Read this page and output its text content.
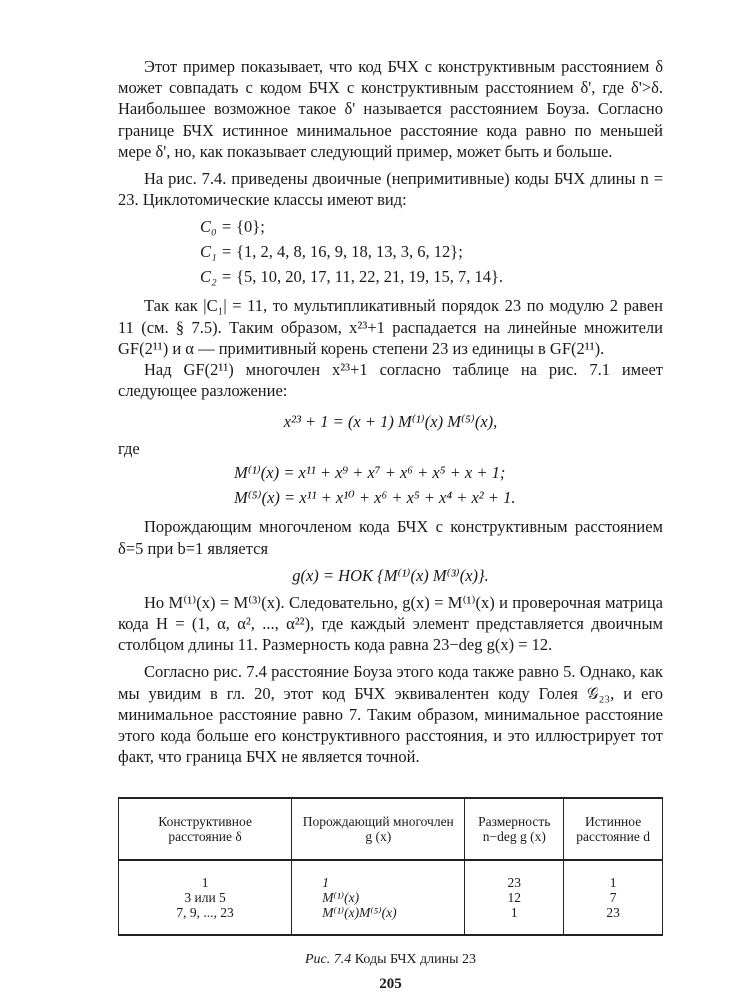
Этот пример показывает, что код БЧХ с конструктивным расстоянием δ может совпадать с кодом БЧХ с конструктивным расстоянием δ', где δ'>δ. Наибольшее возможное такое δ' называется расстоянием Боуза. Согласно границе БЧХ истинное минимальное расстояние кода равно по меньшей мере δ', но, как показывает следующий пример, может быть и больше.

На рис. 7.4. приведены двоичные (непримитивные) коды БЧХ длины n = 23. Циклотомические классы имеют вид:

C₀ = {0};
C₁ = {1, 2, 4, 8, 16, 9, 18, 13, 3, 6, 12};
C₂ = {5, 10, 20, 17, 11, 22, 21, 19, 15, 7, 14}.

Так как |C₁| = 11, то мультипликативный порядок 23 по модулю 2 равен 11 (см. § 7.5). Таким образом, x²³+1 распадается на линейные множители GF(2¹¹) и α — примитивный корень степени 23 из единицы в GF(2¹¹).

Над GF(2¹¹) многочлен x²³+1 согласно таблице на рис. 7.1 имеет следующее разложение:

x²³ + 1 = (x + 1) M⁽¹⁾(x) M⁽⁵⁾(x),
где
M⁽¹⁾(x) = x¹¹ + x⁹ + x⁷ + x⁶ + x⁵ + x + 1;
M⁽⁵⁾(x) = x¹¹ + x¹⁰ + x⁶ + x⁵ + x⁴ + x² + 1.

Порождающим многочленом кода БЧХ с конструктивным расстоянием δ=5 при b=1 является

g(x) = НОК {M⁽¹⁾(x) M⁽³⁾(x)}.

Но M⁽¹⁾(x) = M⁽³⁾(x). Следовательно, g(x) = M⁽¹⁾(x) и проверочная матрица кода H = (1, α, α², ..., α²²), где каждый элемент представляется двоичным столбцом длины 11. Размерность кода равна 23−deg g(x) = 12.

Согласно рис. 7.4 расстояние Боуза этого кода также равно 5. Однако, как мы увидим в гл. 20, этот код БЧХ эквивалентен коду Голея 𝒢₂₃, и его минимальное расстояние равно 7. Таким образом, минимальное расстояние этого кода больше его конструктивного расстояния, и это иллюстрирует тот факт, что граница БЧХ не является точной.

Конструктивное расстояние δ	Порождающий многочлен g (x)	Размерность n−deg g (x)	Истинное расстояние d
1	1	23	1
3 или 5	M⁽¹⁾(x)	12	7
7, 9, ..., 23	M⁽¹⁾(x)M⁽⁵⁾(x)	1	23
Рис. 7.4 Коды БЧХ длины 23
205
